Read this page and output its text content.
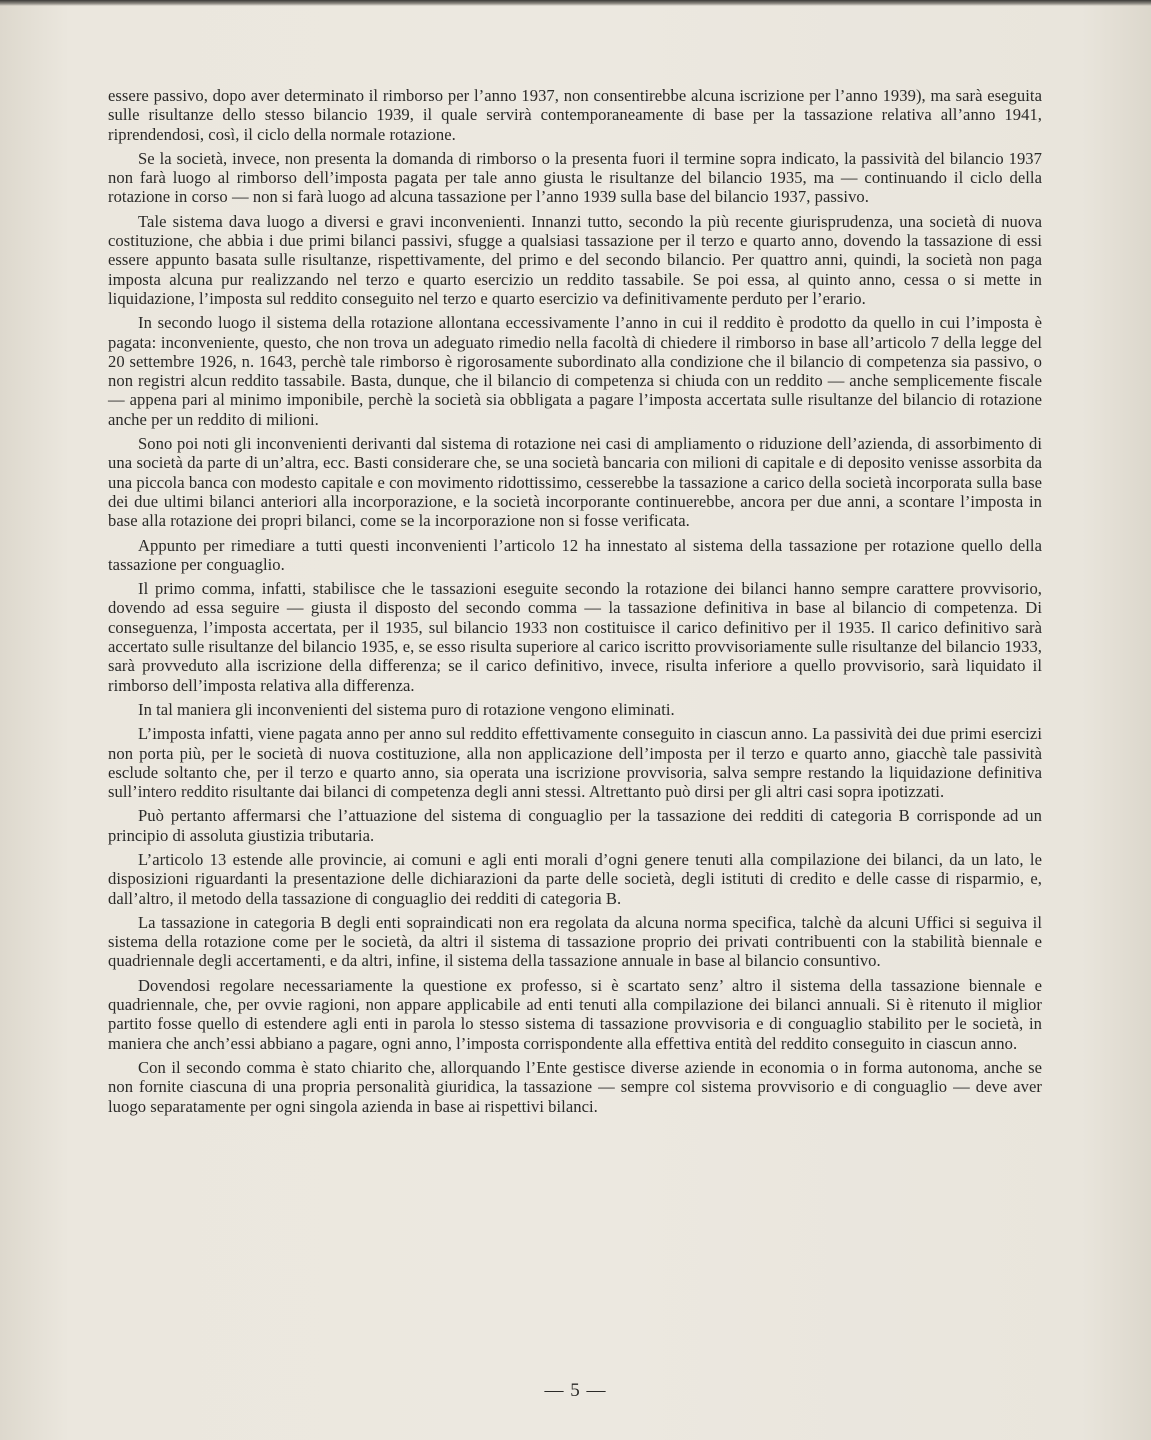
essere passivo, dopo aver determinato il rimborso per l’anno 1937, non consentirebbe alcuna iscrizione per l’anno 1939), ma sarà eseguita sulle risultanze dello stesso bilancio 1939, il quale servirà contemporaneamente di base per la tassazione relativa all’anno 1941, riprendendosi, così, il ciclo della normale rotazione.

Se la società, invece, non presenta la domanda di rimborso o la presenta fuori il termine sopra indicato, la passività del bilancio 1937 non farà luogo al rimborso dell’imposta pagata per tale anno giusta le risultanze del bilancio 1935, ma — continuando il ciclo della rotazione in corso — non si farà luogo ad alcuna tassazione per l’anno 1939 sulla base del bilancio 1937, passivo.

Tale sistema dava luogo a diversi e gravi inconvenienti. Innanzi tutto, secondo la più recente giurisprudenza, una società di nuova costituzione, che abbia i due primi bilanci passivi, sfugge a qualsiasi tassazione per il terzo e quarto anno, dovendo la tassazione di essi essere appunto basata sulle risultanze, rispettivamente, del primo e del secondo bilancio. Per quattro anni, quindi, la società non paga imposta alcuna pur realizzando nel terzo e quarto esercizio un reddito tassabile. Se poi essa, al quinto anno, cessa o si mette in liquidazione, l’imposta sul reddito conseguito nel terzo e quarto esercizio va definitivamente perduto per l’erario.

In secondo luogo il sistema della rotazione allontana eccessivamente l’anno in cui il reddito è prodotto da quello in cui l’imposta è pagata: inconveniente, questo, che non trova un adeguato rimedio nella facoltà di chiedere il rimborso in base all’articolo 7 della legge del 20 settembre 1926, n. 1643, perchè tale rimborso è rigorosamente subordinato alla condizione che il bilancio di competenza sia passivo, o non registri alcun reddito tassabile. Basta, dunque, che il bilancio di competenza si chiuda con un reddito — anche semplicemente fiscale — appena pari al minimo imponibile, perchè la società sia obbligata a pagare l’imposta accertata sulle risultanze del bilancio di rotazione anche per un reddito di milioni.

Sono poi noti gli inconvenienti derivanti dal sistema di rotazione nei casi di ampliamento o riduzione dell’azienda, di assorbimento di una società da parte di un’altra, ecc. Basti considerare che, se una società bancaria con milioni di capitale e di deposito venisse assorbita da una piccola banca con modesto capitale e con movimento ridottissimo, cesserebbe la tassazione a carico della società incorporata sulla base dei due ultimi bilanci anteriori alla incorporazione, e la società incorporante continuerebbe, ancora per due anni, a scontare l’imposta in base alla rotazione dei propri bilanci, come se la incorporazione non si fosse verificata.

Appunto per rimediare a tutti questi inconvenienti l’articolo 12 ha innestato al sistema della tassazione per rotazione quello della tassazione per conguaglio.

Il primo comma, infatti, stabilisce che le tassazioni eseguite secondo la rotazione dei bilanci hanno sempre carattere provvisorio, dovendo ad essa seguire — giusta il disposto del secondo comma — la tassazione definitiva in base al bilancio di competenza. Di conseguenza, l’imposta accertata, per il 1935, sul bilancio 1933 non costituisce il carico definitivo per il 1935. Il carico definitivo sarà accertato sulle risultanze del bilancio 1935, e, se esso risulta superiore al carico iscritto provvisoriamente sulle risultanze del bilancio 1933, sarà provveduto alla iscrizione della differenza; se il carico definitivo, invece, risulta inferiore a quello provvisorio, sarà liquidato il rimborso dell’imposta relativa alla differenza.

In tal maniera gli inconvenienti del sistema puro di rotazione vengono eliminati.

L’imposta infatti, viene pagata anno per anno sul reddito effettivamente conseguito in ciascun anno. La passività dei due primi esercizi non porta più, per le società di nuova costituzione, alla non applicazione dell’imposta per il terzo e quarto anno, giacchè tale passività esclude soltanto che, per il terzo e quarto anno, sia operata una iscrizione provvisoria, salva sempre restando la liquidazione definitiva sull’intero reddito risultante dai bilanci di competenza degli anni stessi. Altrettanto può dirsi per gli altri casi sopra ipotizzati.

Può pertanto affermarsi che l’attuazione del sistema di conguaglio per la tassazione dei redditi di categoria B corrisponde ad un principio di assoluta giustizia tributaria.

L’articolo 13 estende alle provincie, ai comuni e agli enti morali d’ogni genere tenuti alla compilazione dei bilanci, da un lato, le disposizioni riguardanti la presentazione delle dichiarazioni da parte delle società, degli istituti di credito e delle casse di risparmio, e, dall’altro, il metodo della tassazione di conguaglio dei redditi di categoria B.

La tassazione in categoria B degli enti sopraindicati non era regolata da alcuna norma specifica, talchè da alcuni Uffici si seguiva il sistema della rotazione come per le società, da altri il sistema di tassazione proprio dei privati contribuenti con la stabilità biennale e quadriennale degli accertamenti, e da altri, infine, il sistema della tassazione annuale in base al bilancio consuntivo.

Dovendosi regolare necessariamente la questione ex professo, si è scartato senz’ altro il sistema della tassazione biennale e quadriennale, che, per ovvie ragioni, non appare applicabile ad enti tenuti alla compilazione dei bilanci annuali. Si è ritenuto il miglior partito fosse quello di estendere agli enti in parola lo stesso sistema di tassazione provvisoria e di conguaglio stabilito per le società, in maniera che anch’essi abbiano a pagare, ogni anno, l’imposta corrispondente alla effettiva entità del reddito conseguito in ciascun anno.

Con il secondo comma è stato chiarito che, allorquando l’Ente gestisce diverse aziende in economia o in forma autonoma, anche se non fornite ciascuna di una propria personalità giuridica, la tassazione — sempre col sistema provvisorio e di conguaglio — deve aver luogo separatamente per ogni singola azienda in base ai rispettivi bilanci.

— 5 —
